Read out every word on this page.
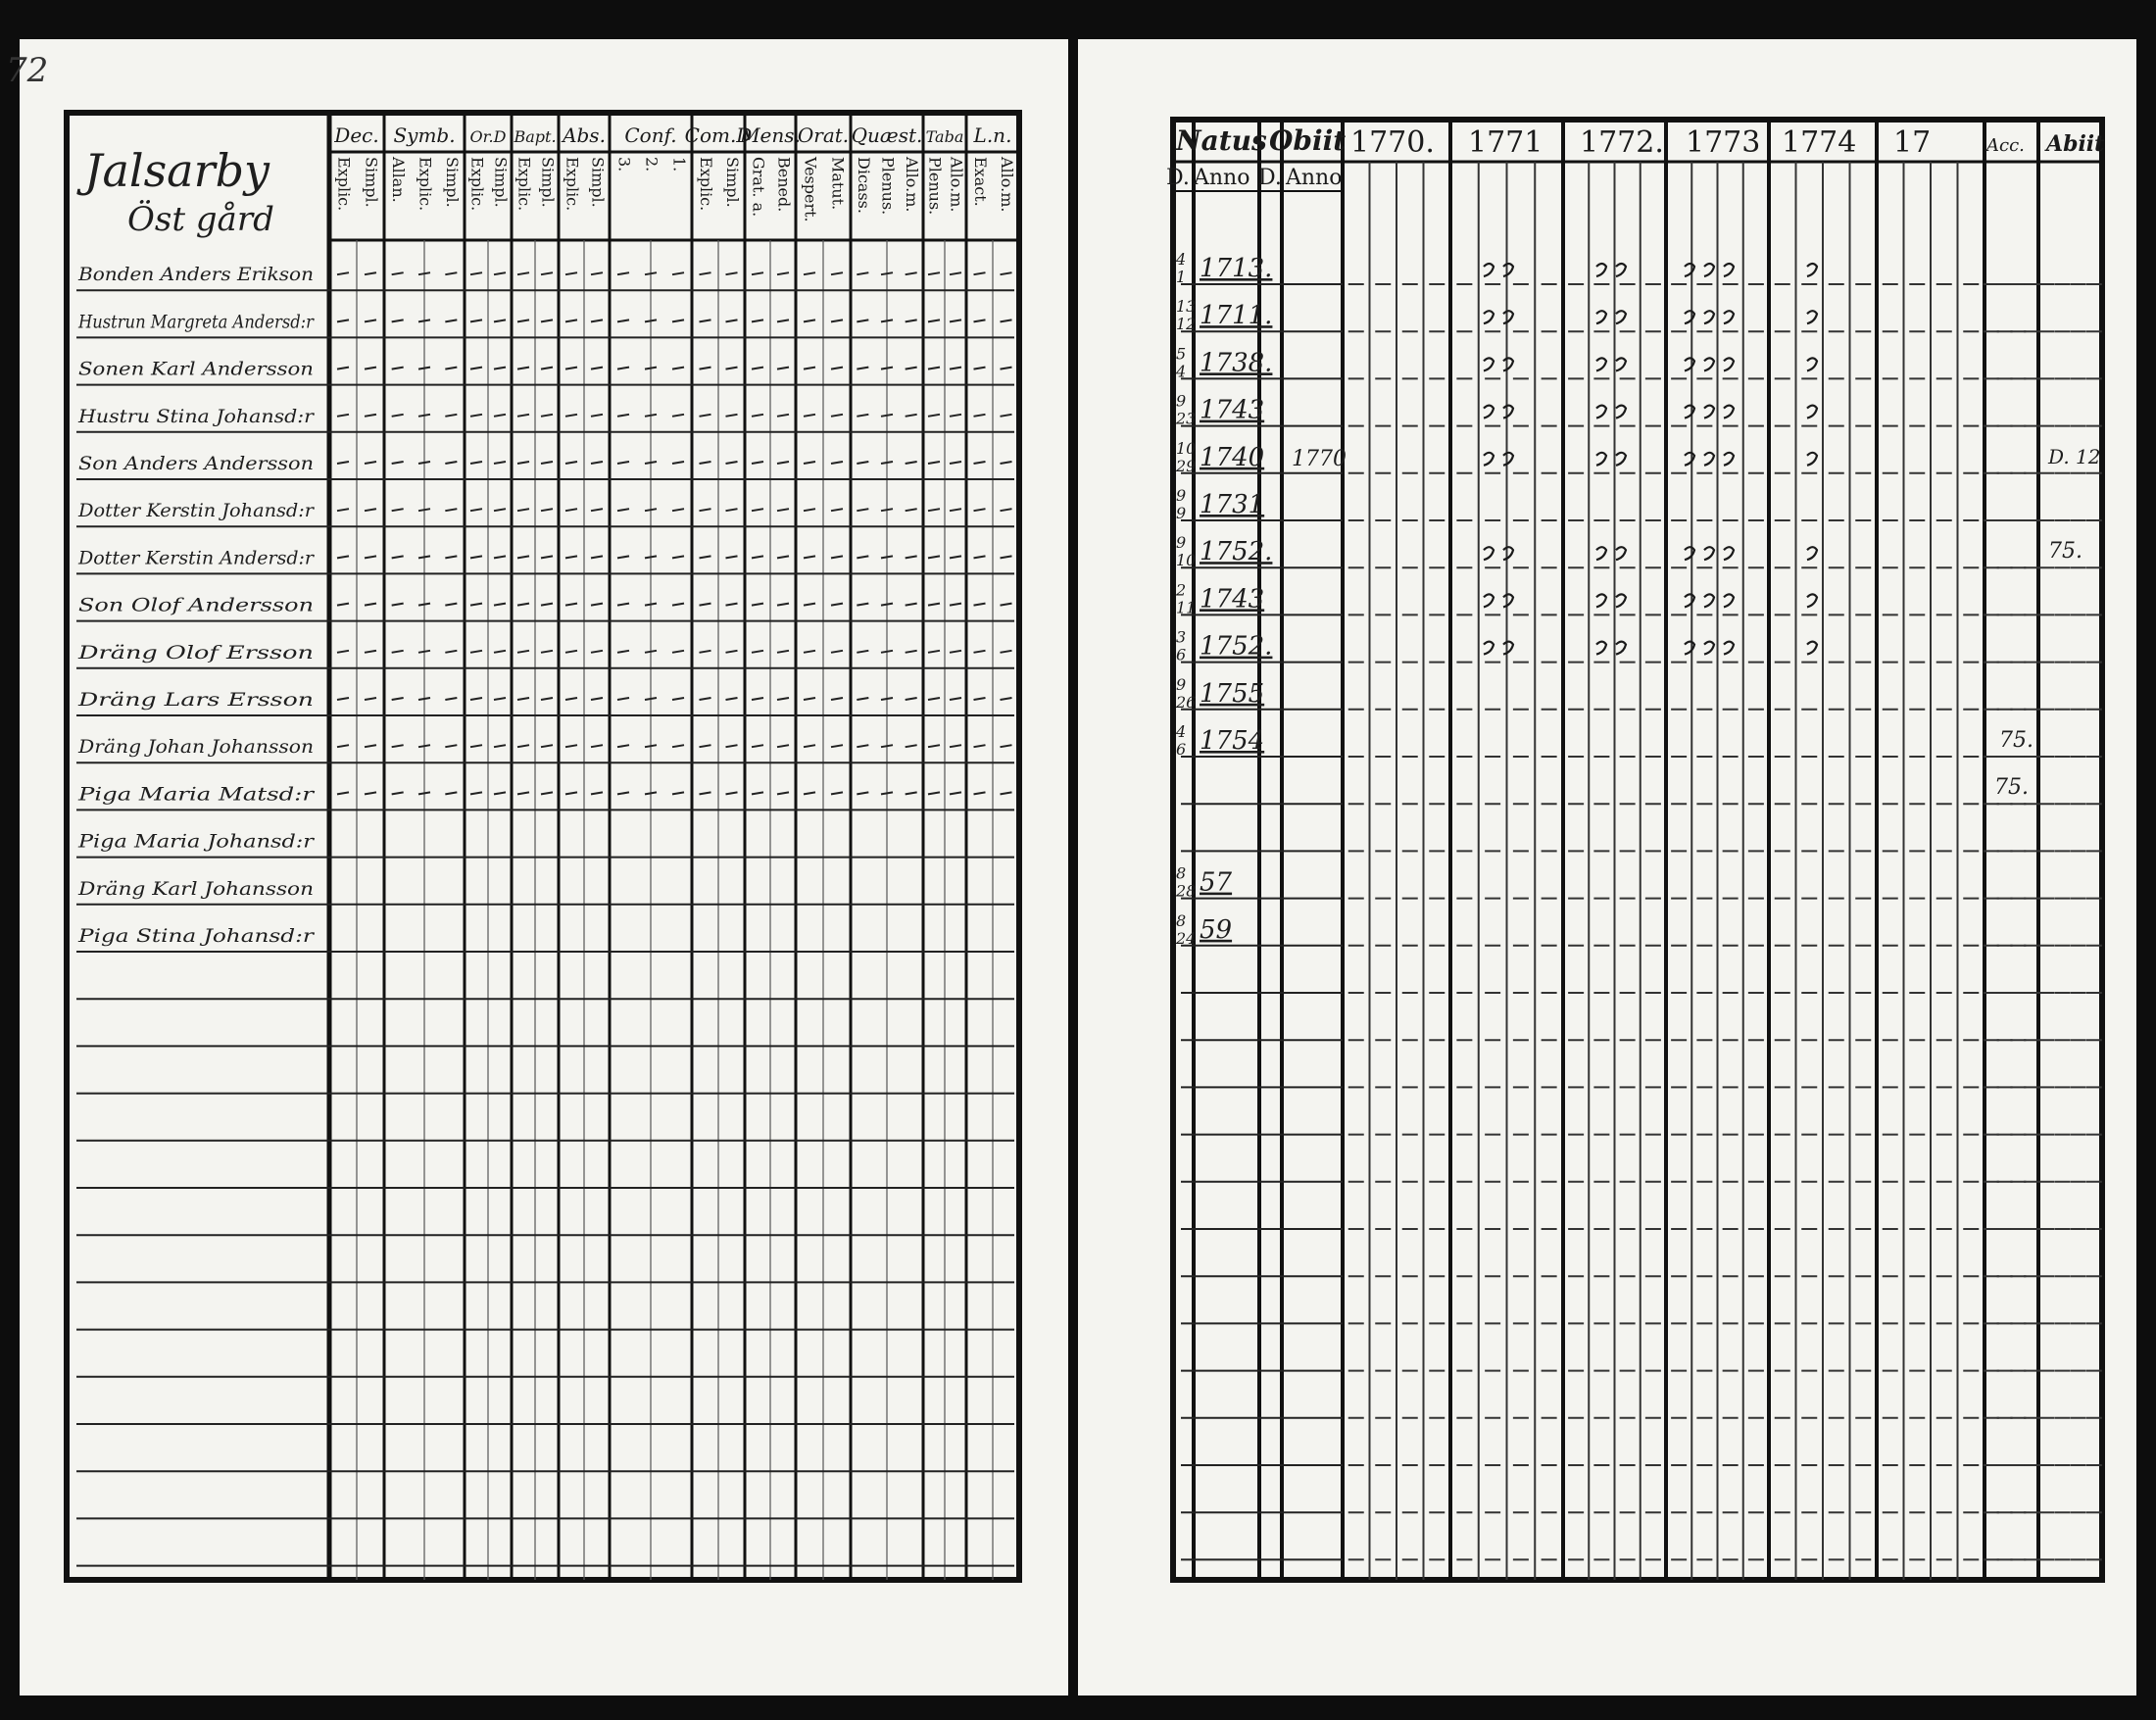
72
Dec.
Explic. Simpl.
Symb.
Allan. Explic. Simpl.
Or.D
Explic. Simpl.
Bapt.
Explic. Simpl.
Abs.
Explic. Simpl.
Conf.
3. 2. 1.
Com.D
Explic. Simpl.
Mens.
Grat. a. Bened.
Orat.
Vespert. Matut.
Quæst.
Dicass. Plenus. Allo.m.
Taba
Plenus. Allo.m.
L.n.
Exact. Allo.m.
Bonden Anders Erikson
Hustrun Margreta Andersd:r
Sonen Karl Andersson
Hustru Stina Johansd:r
Son Anders Andersson
Dotter Kerstin Johansd:r
Dotter Kerstin Andersd:r
Son Olof Andersson
Dräng Olof Ersson
Dräng Lars Ersson
Dräng Johan Johansson
Piga Maria Matsd:r
Piga Maria Johansd:r
Dräng Karl Johansson
Piga Stina Johansd:r
Jalsarby
Öst gård
Natus Obiit
D. Anno D. Anno
1770. 1771 1772. 1773 1774 17	Acc. Abiit
4
1 1713.
13
12 1711.
5
4 1738.
9
23 1743
10
29 1740 1770
9
9 1731
9
10 1752.
2
11 1743
3
6 1752.
9
26 1755
4
6 1754
8
28 57
8
24 59
D. 12
75.
75.
75.
